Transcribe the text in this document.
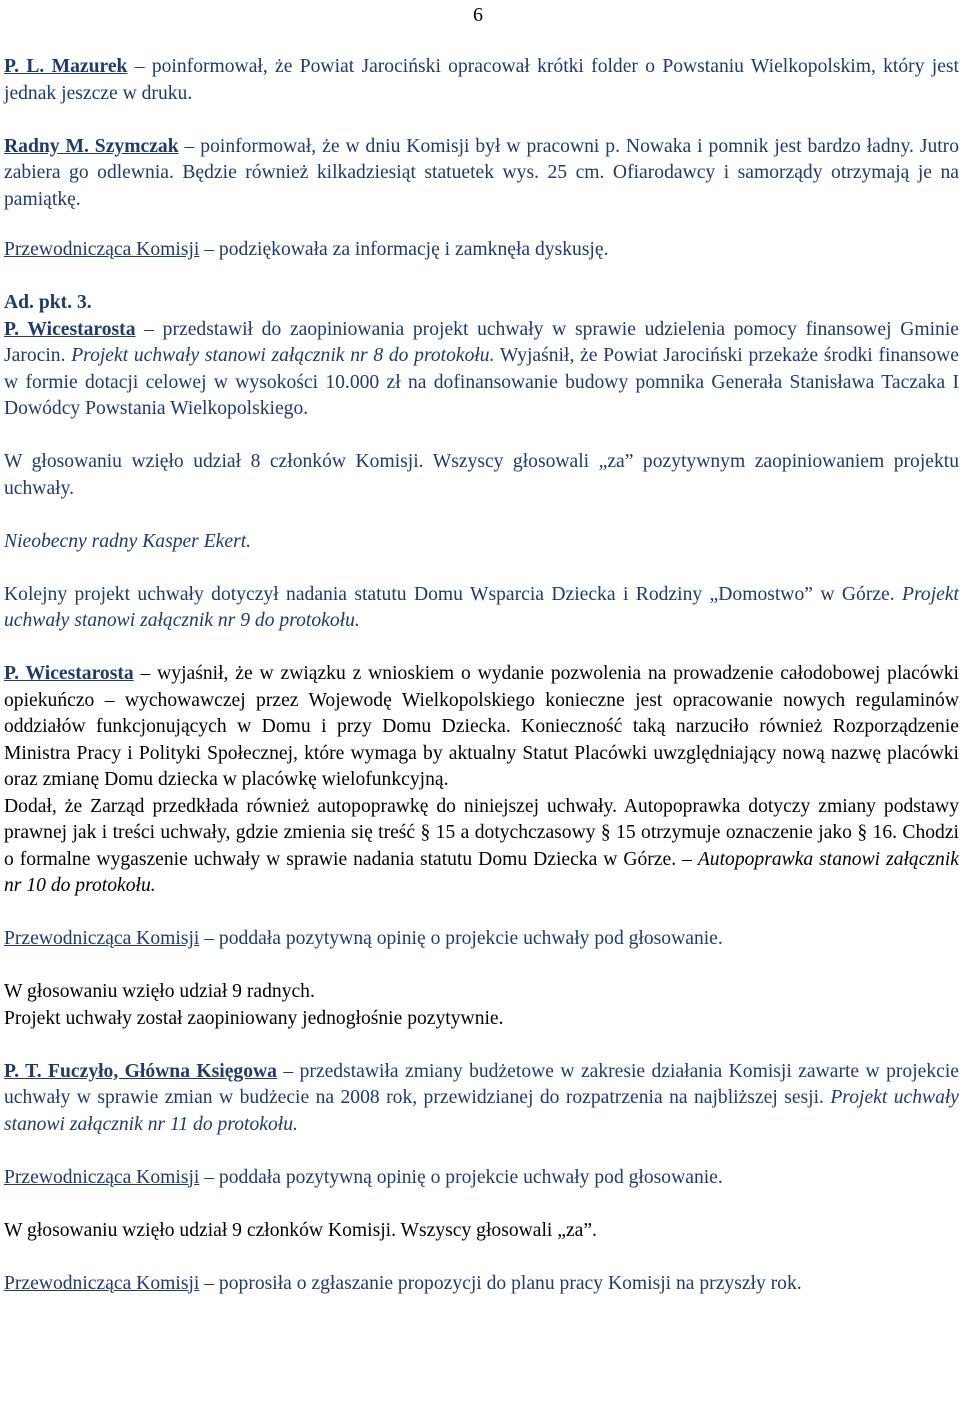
6

P. L. Mazurek – poinformował, że Powiat Jarociński opracował krótki folder o Powstaniu Wielkopolskim, który jest jednak jeszcze w druku.

Radny M. Szymczak – poinformował, że w dniu Komisji był w pracowni p. Nowaka i pomnik jest bardzo ładny. Jutro zabiera go odlewnia. Będzie również kilkadziesiąt statuetek wys. 25 cm. Ofiarodawcy i samorządy otrzymają je na pamiątkę.

Przewodnicząca Komisji – podziękowała za informację i zamknęła dyskusję.

Ad. pkt. 3.

P. Wicestarosta – przedstawił do zaopiniowania projekt uchwały w sprawie udzielenia pomocy finansowej Gminie Jarocin. Projekt uchwały stanowi załącznik nr 8 do protokołu. Wyjaśnił, że Powiat Jarociński przekaże środki finansowe w formie dotacji celowej w wysokości 10.000 zł na dofinansowanie budowy pomnika Generała Stanisława Taczaka I Dowódcy Powstania Wielkopolskiego.

W głosowaniu wzięło udział 8 członków Komisji. Wszyscy głosowali „za” pozytywnym zaopiniowaniem projektu uchwały.

Nieobecny radny Kasper Ekert.

Kolejny projekt uchwały dotyczył nadania statutu Domu Wsparcia Dziecka i Rodziny „Domostwo” w Górze. Projekt uchwały stanowi załącznik nr 9 do protokołu.

P. Wicestarosta – wyjaśnił, że w związku z wnioskiem o wydanie pozwolenia na prowadzenie całodobowej placówki opiekuńczo – wychowawczej przez Wojewodę Wielkopolskiego konieczne jest opracowanie nowych regulaminów oddziałów funkcjonujących w Domu i przy Domu Dziecka. Konieczność taką narzuciło również Rozporządzenie Ministra Pracy i Polityki Społecznej, które wymaga by aktualny Statut Placówki uwzględniający nową nazwę placówki oraz zmianę Domu dziecka w placówkę wielofunkcyjną.

Dodał, że Zarząd przedkłada również autopoprawkę do niniejszej uchwały. Autopoprawka dotyczy zmiany podstawy prawnej jak i treści uchwały, gdzie zmienia się treść § 15 a dotychczasowy § 15 otrzymuje oznaczenie jako § 16. Chodzi o formalne wygaszenie uchwały w sprawie nadania statutu Domu Dziecka w Górze. – Autopoprawka stanowi załącznik nr 10 do protokołu.

Przewodnicząca Komisji – poddała pozytywną opinię o projekcie uchwały pod głosowanie.

W głosowaniu wzięło udział 9 radnych.

Projekt uchwały został zaopiniowany jednogłośnie pozytywnie.

P. T. Fuczyło, Główna Księgowa – przedstawiła zmiany budżetowe w zakresie działania Komisji zawarte w projekcie uchwały w sprawie zmian w budżecie na 2008 rok, przewidzianej do rozpatrzenia na najbliższej sesji. Projekt uchwały stanowi załącznik nr 11 do protokołu.

Przewodnicząca Komisji – poddała pozytywną opinię o projekcie uchwały pod głosowanie.

W głosowaniu wzięło udział 9 członków Komisji. Wszyscy głosowali „za”.

Przewodnicząca Komisji – poprosiła o zgłaszanie propozycji do planu pracy Komisji na przyszły rok.
